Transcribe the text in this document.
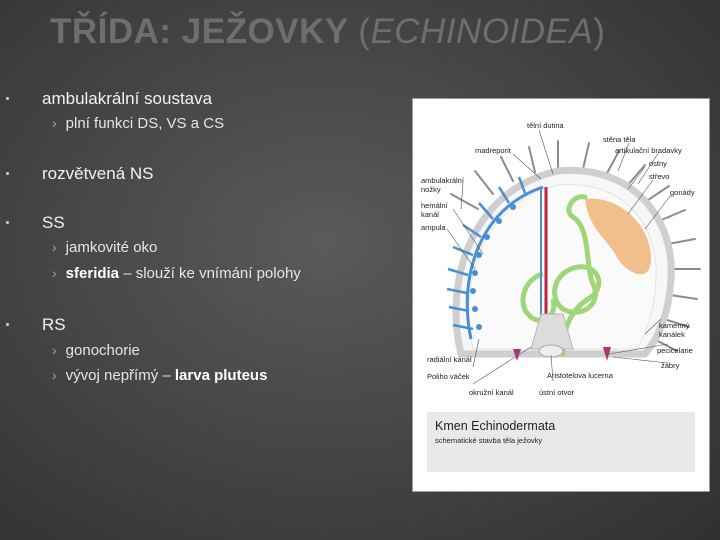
TŘÍDA: JEŽOVKY (ECHINOIDEA)
ambulakrální soustava
› plní funkci DS, VS a CS
rozvětvená NS
SS
› jamkovité oko
› sferidia – slouží ke vnímání polohy
RS
› gonochorie
› vývoj nepřímý – larva pluteus
tělní dutina
stěna těla
madreporit	artikulační bradavky
ostny
střevo
gonády
ambulakrální
nožky
hemální
kanál
ampula
kamenný
kanálek
pecicelarie
žábry
radiální kanál
Poliho váček	Aristotelova lucerna
okružní kanál	ústní otvor
Kmen Echinodermata
schematické stavba těla ježovky
